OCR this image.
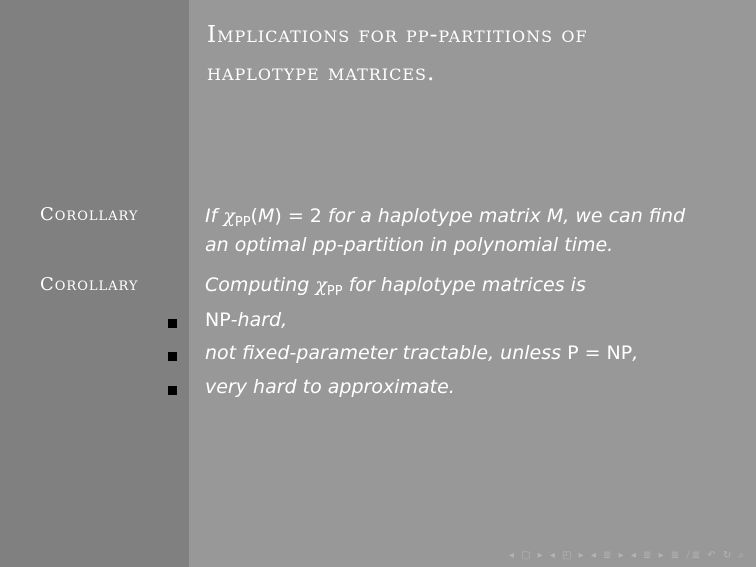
Implications for pp-partitions of
haplotype matrices.
Corollary	If $\chi_{PP}(M) = 2$ for a haplotype matrix M, we can find
an optimal pp-partition in polynomial time.
Corollary	Computing $\chi_{PP}$ for haplotype matrices is
NP-hard,
not fixed-parameter tractable, unless P = NP,
very hard to approximate.
◂ ▢ ▸ ◂ ◰ ▸ ◂ ≣ ▸ ◂ ≣ ▸ ≣ ⧸≣ ↶ ↻ ⌕
